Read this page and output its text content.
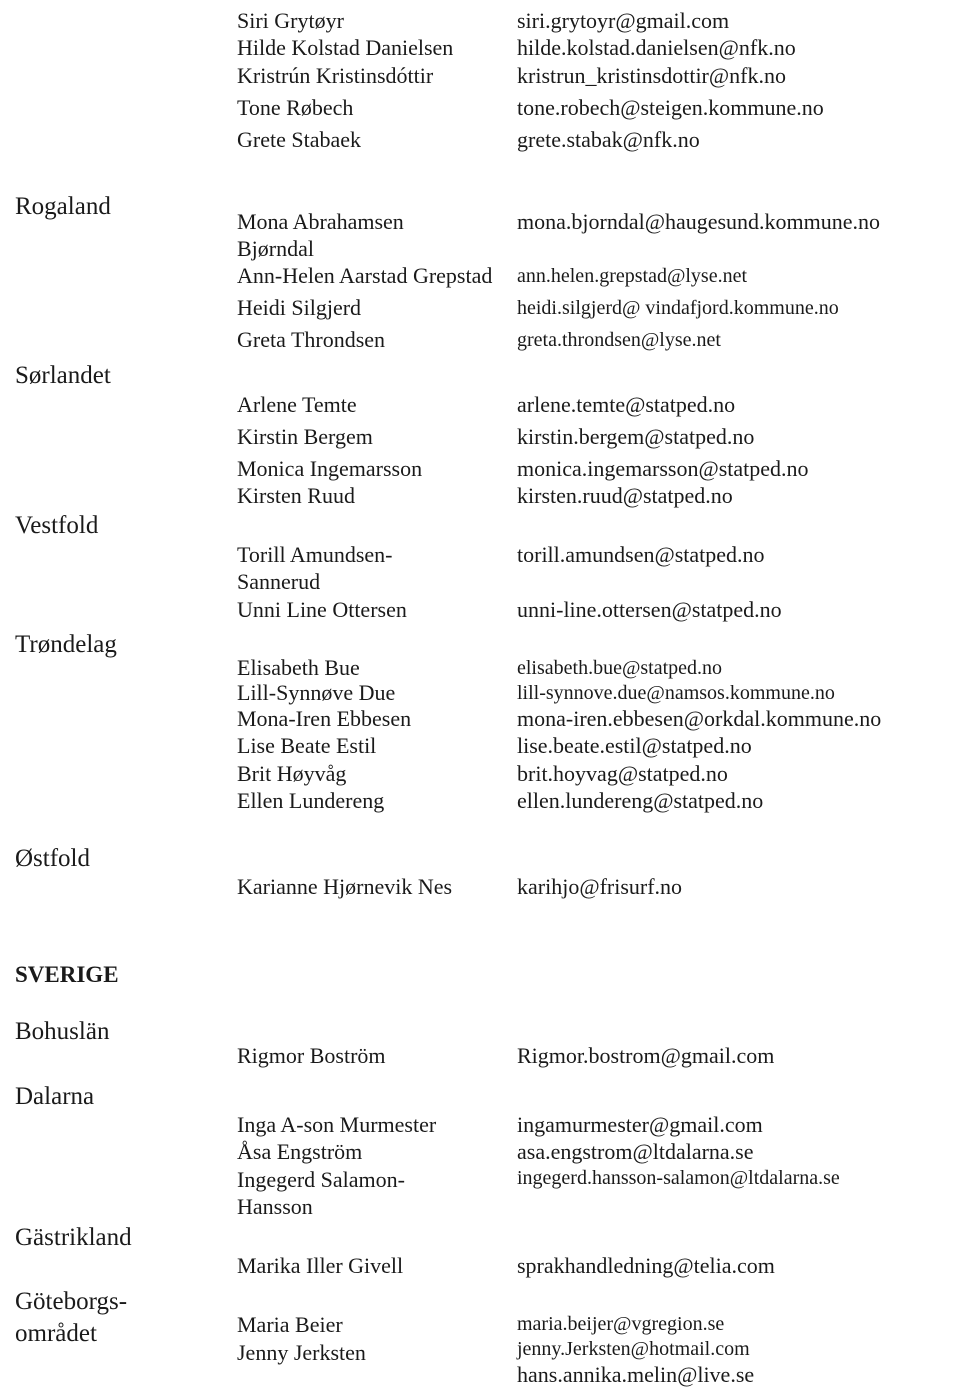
Rogaland
Sørlandet
Vestfold
Trøndelag
Østfold
SVERIGE
Bohuslän
Dalarna
Gästrikland
Göteborgs-
området
Siri Grytøyr
Hilde Kolstad Danielsen
Kristrún Kristinsdóttir
Tone Røbech
Grete Stabaek
Mona Abrahamsen
Bjørndal
Ann-Helen Aarstad Grepstad
Heidi Silgjerd
Greta Throndsen
Arlene Temte
Kirstin Bergem
Monica Ingemarsson
Kirsten Ruud
Torill Amundsen-
Sannerud
Unni Line Ottersen
Elisabeth Bue
Lill-Synnøve Due
Mona-Iren Ebbesen
Lise Beate Estil
Brit Høyvåg
Ellen Lundereng
Karianne Hjørnevik Nes
Rigmor Boström
Inga A-son Murmester
Åsa Engström
Ingegerd Salamon-
Hansson
Marika Iller Givell
Maria Beier
Jenny Jerksten
siri.grytoyr@gmail.com
hilde.kolstad.danielsen@nfk.no
kristrun_kristinsdottir@nfk.no
tone.robech@steigen.kommune.no
grete.stabak@nfk.no
mona.bjorndal@haugesund.kommune.no
ann.helen.grepstad@lyse.net
heidi.silgjerd@ vindafjord.kommune.no
greta.throndsen@lyse.net
arlene.temte@statped.no
kirstin.bergem@statped.no
monica.ingemarsson@statped.no
kirsten.ruud@statped.no
torill.amundsen@statped.no
unni-line.ottersen@statped.no
elisabeth.bue@statped.no
lill-synnove.due@namsos.kommune.no
mona-iren.ebbesen@orkdal.kommune.no
lise.beate.estil@statped.no
brit.hoyvag@statped.no
ellen.lundereng@statped.no
karihjo@frisurf.no
Rigmor.bostrom@gmail.com
ingamurmester@gmail.com
asa.engstrom@ltdalarna.se
ingegerd.hansson-salamon@ltdalarna.se
sprakhandledning@telia.com
maria.beijer@vgregion.se
jenny.Jerksten@hotmail.com
hans.annika.melin@live.se
